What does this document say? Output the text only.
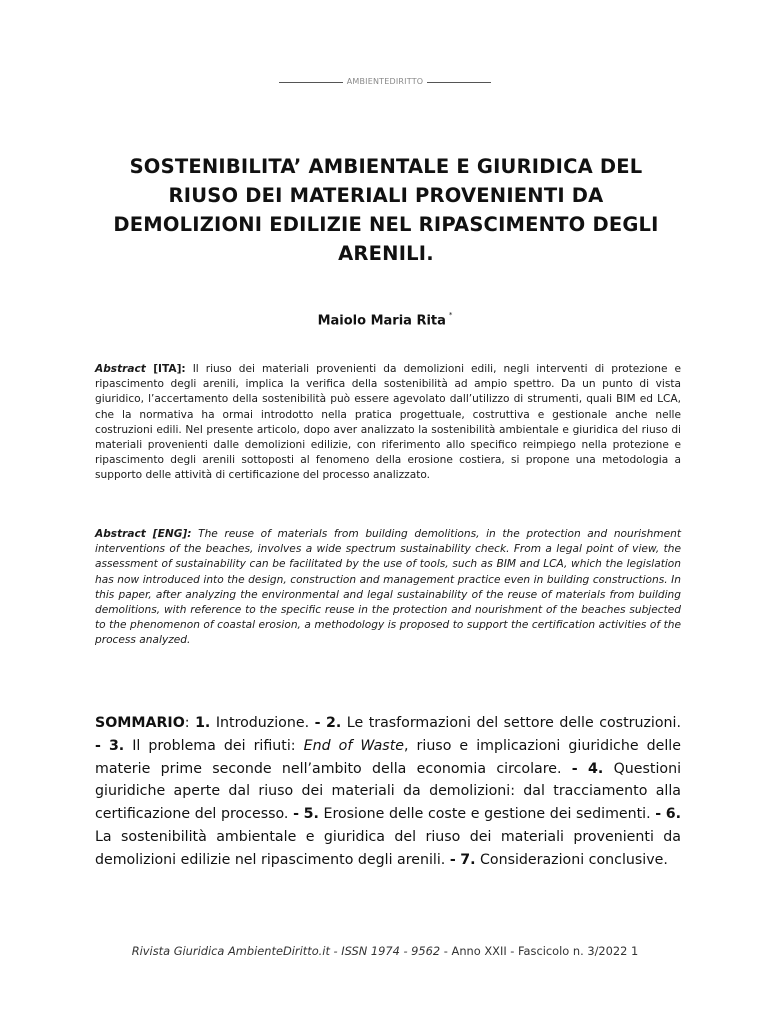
AMBIENTEDIRITTO
SOSTENIBILITA’ AMBIENTALE E GIURIDICA DEL RIUSO DEI MATERIALI PROVENIENTI DA DEMOLIZIONI EDILIZIE NEL RIPASCIMENTO DEGLI ARENILI.
Maiolo Maria Rita *
Abstract [ITA]: Il riuso dei materiali provenienti da demolizioni edili, negli interventi di protezione e ripascimento degli arenili, implica la verifica della sostenibilità ad ampio spettro. Da un punto di vista giuridico, l’accertamento della sostenibilità può essere agevolato dall’utilizzo di strumenti, quali BIM ed LCA, che la normativa ha ormai introdotto nella pratica progettuale, costruttiva e gestionale anche nelle costruzioni edili. Nel presente articolo, dopo aver analizzato la sostenibilità ambientale e giuridica del riuso di materiali provenienti dalle demolizioni edilizie, con riferimento allo specifico reimpiego nella protezione e ripascimento degli arenili sottoposti al fenomeno della erosione costiera, si propone una metodologia a supporto delle attività di certificazione del processo analizzato.
Abstract [ENG]: The reuse of materials from building demolitions, in the protection and nourishment interventions of the beaches, involves a wide spectrum sustainability check. From a legal point of view, the assessment of sustainability can be facilitated by the use of tools, such as BIM and LCA, which the legislation has now introduced into the design, construction and management practice even in building constructions. In this paper, after analyzing the environmental and legal sustainability of the reuse of materials from building demolitions, with reference to the specific reuse in the protection and nourishment of the beaches subjected to the phenomenon of coastal erosion, a methodology is proposed to support the certification activities of the process analyzed.
SOMMARIO: 1. Introduzione. - 2. Le trasformazioni del settore delle costruzioni. - 3. Il problema dei rifiuti: End of Waste, riuso e implicazioni giuridiche delle materie prime seconde nell’ambito della economia circolare. - 4. Questioni giuridiche aperte dal riuso dei materiali da demolizioni: dal tracciamento alla certificazione del processo. - 5. Erosione delle coste e gestione dei sedimenti. - 6. La sostenibilità ambientale e giuridica del riuso dei materiali provenienti da demolizioni edilizie nel ripascimento degli arenili. - 7. Considerazioni conclusive.
Rivista Giuridica AmbienteDiritto.it - ISSN 1974 - 9562 - Anno XXII - Fascicolo n. 3/2022 1
